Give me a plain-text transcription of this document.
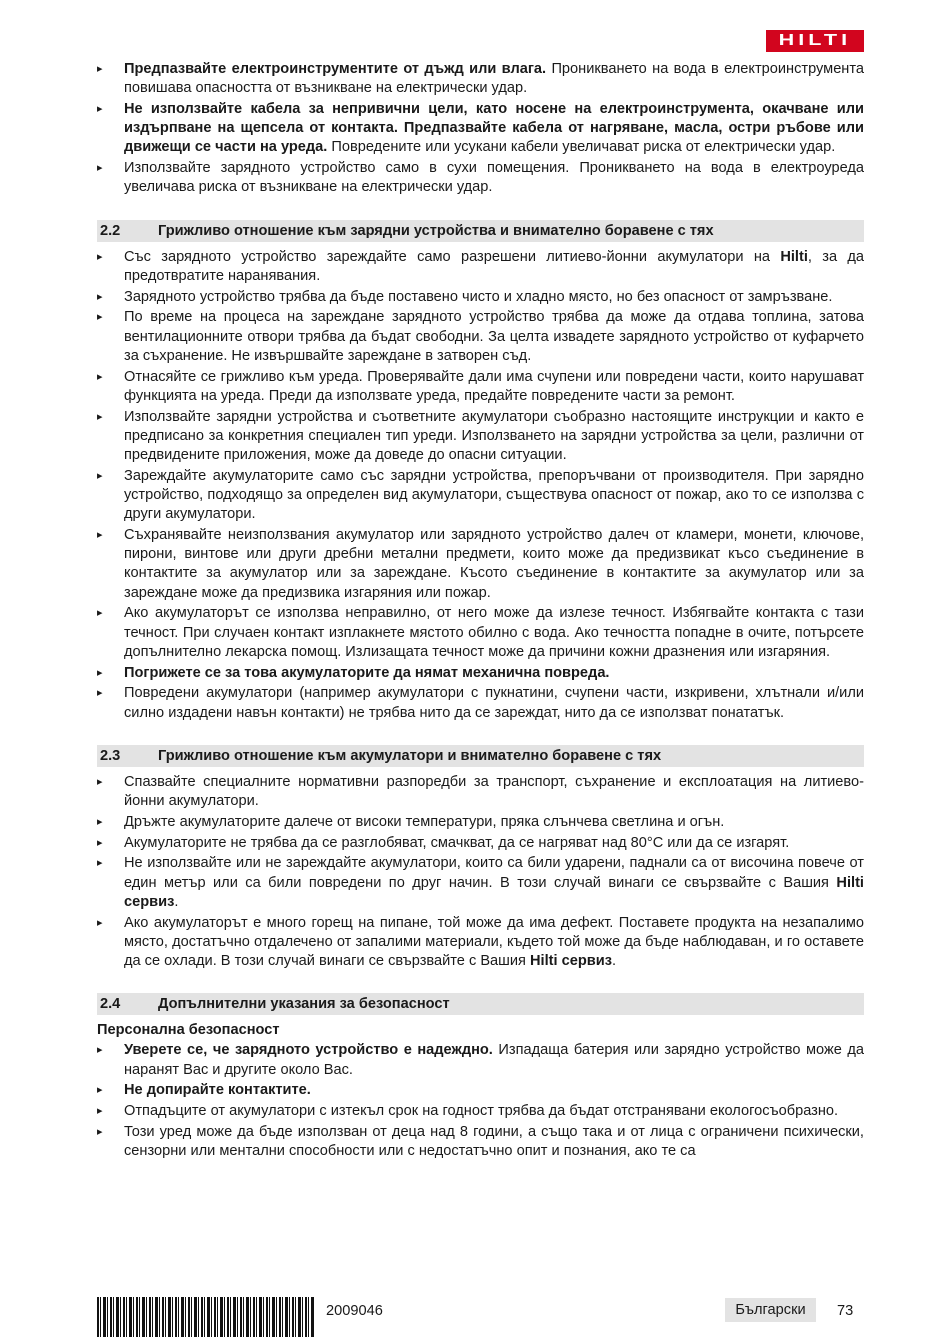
HILTI
▸ Предпазвайте електроинструментите от дъжд или влага. Проникването на вода в електроинструмента повишава опасността от възникване на електрически удар.
▸ Не използвайте кабела за непривични цели, като носене на електроинструмента, окачване или издърпване на щепсела от контакта. Предпазвайте кабела от нагряване, масла, остри ръбове или движещи се части на уреда. Повредените или усукани кабели увеличават риска от електрически удар.
▸ Използвайте зарядното устройство само в сухи помещения. Проникването на вода в електроуреда увеличава риска от възникване на електрически удар.
2.2	Грижливо отношение към зарядни устройства и внимателно боравене с тях
▸ Със зарядното устройство зареждайте само разрешени литиево-йонни акумулатори на Hilti, за да предотвратите наранявания.
▸ Зарядното устройство трябва да бъде поставено чисто и хладно място, но без опасност от замръзване.
▸ По време на процеса на зареждане зарядното устройство трябва да може да отдава топлина, затова вентилационните отвори трябва да бъдат свободни. За целта извадете зарядното устройство от куфарчето за съхранение. Не извършвайте зареждане в затворен съд.
▸ Отнасяйте се грижливо към уреда. Проверявайте дали има счупени или повредени части, които нарушават функцията на уреда. Преди да използвате уреда, предайте повредените части за ремонт.
▸ Използвайте зарядни устройства и съответните акумулатори съобразно настоящите инструкции и както е предписано за конкретния специален тип уреди. Използването на зарядни устройства за цели, различни от предвидените приложения, може да доведе до опасни ситуации.
▸ Зареждайте акумулаторите само със зарядни устройства, препоръчвани от производителя. При зарядно устройство, подходящо за определен вид акумулатори, съществува опасност от пожар, ако то се използва с други акумулатори.
▸ Съхранявайте неизползвания акумулатор или зарядното устройство далеч от кламери, монети, ключове, пирони, винтове или други дребни метални предмети, които може да предизвикат късо съединение в контактите за акумулатор или за зареждане. Късото съединение в контактите за акумулатор или за зареждане може да предизвика изгаряния или пожар.
▸ Ако акумулаторът се използва неправилно, от него може да излезе течност. Избягвайте контакта с тази течност. При случаен контакт изплакнете мястото обилно с вода. Ако течността попадне в очите, потърсете допълнително лекарска помощ. Излизащата течност може да причини кожни дразнения или изгаряния.
▸ Погрижете се за това акумулаторите да нямат механична повреда.
▸ Повредени акумулатори (например акумулатори с пукнатини, счупени части, изкривени, хлътнали и/или силно издадени навън контакти) не трябва нито да се зареждат, нито да се използват понататък.
2.3	Грижливо отношение към акумулатори и внимателно боравене с тях
▸ Спазвайте специалните нормативни разпоредби за транспорт, съхранение и експлоатация на литиево-йонни акумулатори.
▸ Дръжте акумулаторите далече от високи температури, пряка слънчева светлина и огън.
▸ Акумулаторите не трябва да се разглобяват, смачкват, да се нагряват над 80°C или да се изгарят.
▸ Не използвайте или не зареждайте акумулатори, които са били ударени, паднали са от височина повече от един метър или са били повредени по друг начин. В този случай винаги се свързвайте с Вашия Hilti сервиз.
▸ Ако акумулаторът е много горещ на пипане, той може да има дефект. Поставете продукта на незапалимо място, достатъчно отдалечено от запалими материали, където той може да бъде наблюдаван, и го оставете да се охлади. В този случай винаги се свързвайте с Вашия Hilti сервиз.
2.4	Допълнителни указания за безопасност
Персонална безопасност
▸ Уверете се, че зарядното устройство е надеждно. Изпадаща батерия или зарядно устройство може да наранят Вас и другите около Вас.
▸ Не допирайте контактите.
▸ Отпадъците от акумулатори с изтекъл срок на годност трябва да бъдат отстранявани екологосъобразно.
▸ Този уред може да бъде използван от деца над 8 години, а също така и от лица с ограничени психически, сензорни или ментални способности или с недостатъчно опит и познания, ако те са
2009046	Български	73
